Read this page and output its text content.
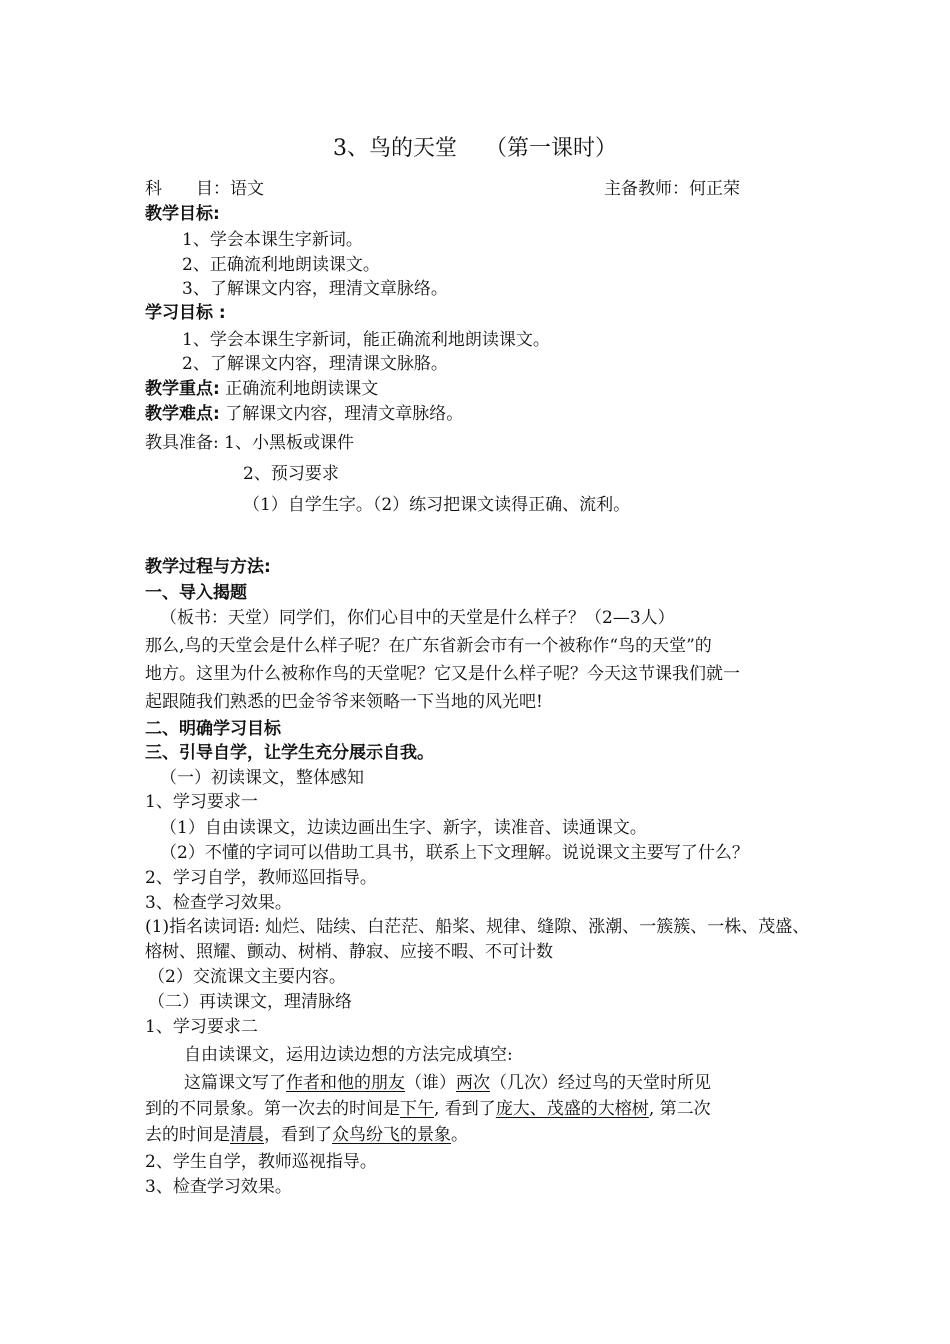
3、鸟的天堂 （第一课时）
科　　目：语文	主备教师：何正荣
教学目标:
1、学会本课生字新词。
2、正确流利地朗读课文。
3、了解课文内容，理清文章脉络。
学习目标 :
1、学会本课生字新词，能正确流利地朗读课文。
2、了解课文内容，理清课文脉胳。
教学重点: 正确流利地朗读课文
教学难点: 了解课文内容，理清文章脉络。
教具准备: 1、小黑板或课件
2、预习要求
（1）自学生字。（2）练习把课文读得正确、流利。
教学过程与方法:
一、导入揭题
（板书：天堂）同学们，你们心目中的天堂是什么样子？（2—3人）
那么,鸟的天堂会是什么样子呢？在广东省新会市有一个被称作“鸟的天堂”的
地方。这里为什么被称作鸟的天堂呢？它又是什么样子呢？今天这节课我们就一
起跟随我们熟悉的巴金爷爷来领略一下当地的风光吧!
二、明确学习目标
三、引导自学，让学生充分展示自我。
（一）初读课文，整体感知
1、学习要求一
（1）自由读课文，边读边画出生字、新字，读准音、读通课文。
（2）不懂的字词可以借助工具书，联系上下文理解。说说课文主要写了什么？
2、学习自学，教师巡回指导。
3、检查学习效果。
(1)指名读词语: 灿烂、陆续、白茫茫、船桨、规律、缝隙、涨潮、一簇簇、一株、茂盛、
榕树、照耀、颤动、树梢、静寂、应接不暇、不可计数
（2）交流课文主要内容。
（二）再读课文，理清脉络
1、学习要求二
自由读课文，运用边读边想的方法完成填空:
这篇课文写了作者和他的朋友（谁）两次（几次）经过鸟的天堂时所见
到的不同景象。第一次去的时间是下午, 看到了庞大、茂盛的大榕树, 第二次
去的时间是清晨，看到了众鸟纷飞的景象。
2、学生自学，教师巡视指导。
3、检查学习效果。
